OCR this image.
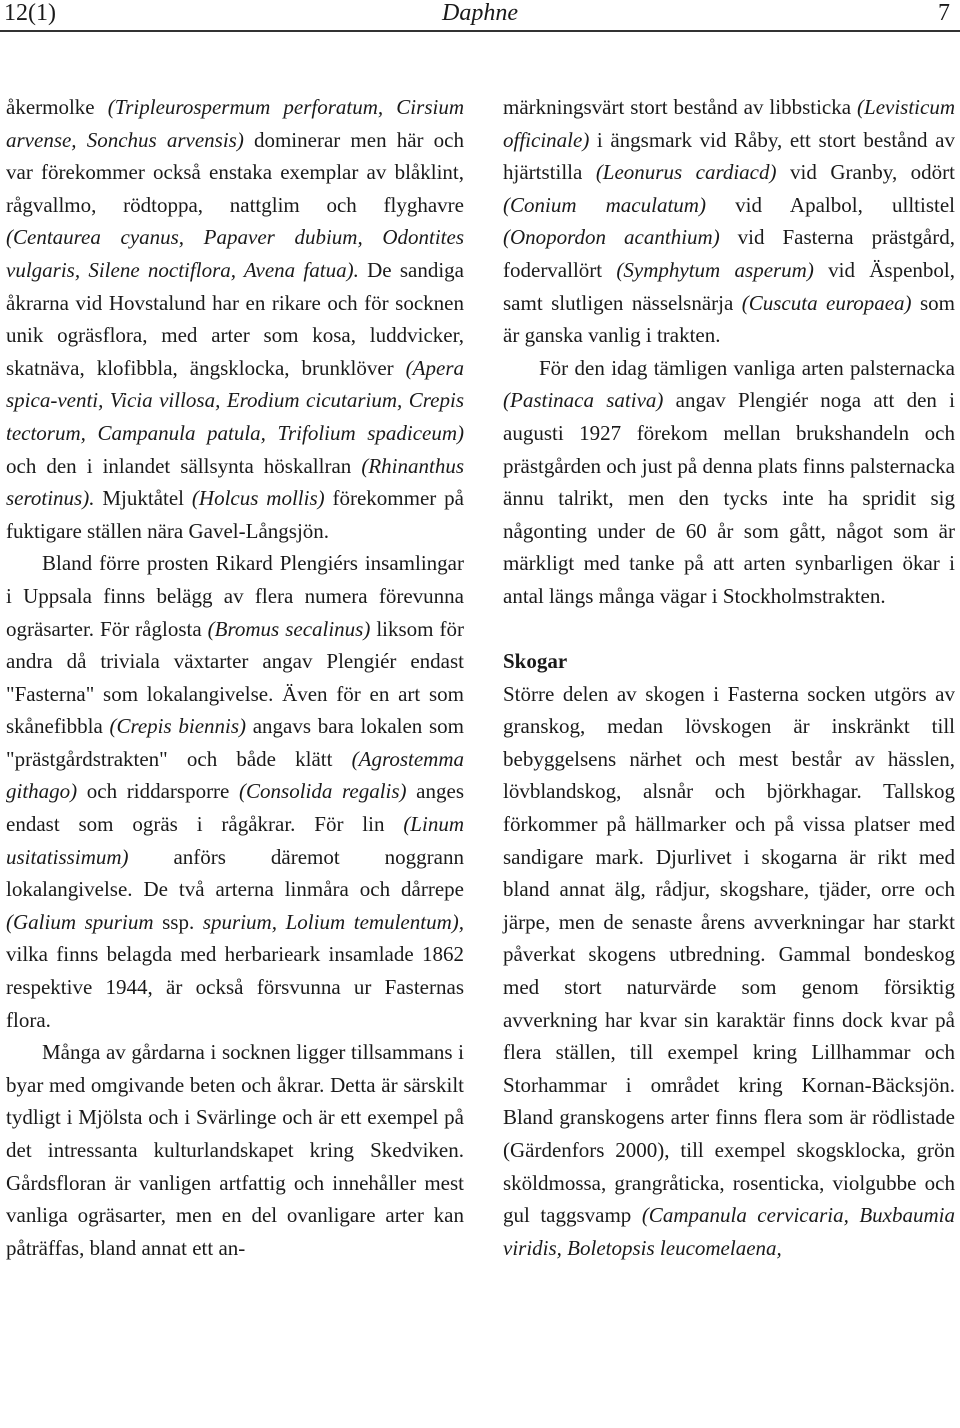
12(1)	Daphne	7

åkermolke (Tripleurospermum perforatum, Cirsium arvense, Sonchus arvensis) dominerar men här och var förekommer också enstaka exemplar av blåklint, rågvallmo, rödtoppa, nattglim och flyghavre (Centaurea cyanus, Papaver dubium, Odontites vulgaris, Silene noctiflora, Avena fatua). De sandiga åkrarna vid Hovstalund har en rikare och för socknen unik ogräsflora, med arter som kosa, luddvicker, skatnäva, klofibbla, ängsklocka, brunklöver (Apera spica-venti, Vicia villosa, Erodium cicutarium, Crepis tectorum, Campanula patula, Trifolium spadiceum) och den i inlandet sällsynta höskallran (Rhinanthus serotinus). Mjuktåtel (Holcus mollis) förekommer på fuktigare ställen nära Gavel-Långsjön.

Bland förre prosten Rikard Plengiérs insamlingar i Uppsala finns belägg av flera numera förevunna ogräsarter. För råglosta (Bromus secalinus) liksom för andra då triviala växtarter angav Plengiér endast "Fasterna" som lokalangivelse. Även för en art som skånefibbla (Crepis biennis) angavs bara lokalen som "prästgårdstrakten" och både klätt (Agrostemma githago) och riddarsporre (Consolida regalis) anges endast som ogräs i rågåkrar. För lin (Linum usitatissimum) anförs däremot noggrann lokalangivelse. De två arterna linmåra och dårrepe (Galium spurium ssp. spurium, Lolium temulentum), vilka finns belagda med herbarieark insamlade 1862 respektive 1944, är också försvunna ur Fasternas flora.

Många av gårdarna i socknen ligger tillsammans i byar med omgivande beten och åkrar. Detta är särskilt tydligt i Mjölsta och i Svärlinge och är ett exempel på det intressanta kulturlandskapet kring Skedviken. Gårdsfloran är vanligen artfattig och innehåller mest vanliga ogräsarter, men en del ovanligare arter kan påträffas, bland annat ett an-

märkningsvärt stort bestånd av libbsticka (Levisticum officinale) i ängsmark vid Råby, ett stort bestånd av hjärtstilla (Leonurus cardiacd) vid Granby, odört (Conium maculatum) vid Apalbol, ulltistel (Onopordon acanthium) vid Fasterna prästgård, fodervallört (Symphytum asperum) vid Äspenbol, samt slutligen nässelsnärja (Cuscuta europaea) som är ganska vanlig i trakten.

För den idag tämligen vanliga arten palsternacka (Pastinaca sativa) angav Plengiér noga att den i augusti 1927 förekom mellan brukshandeln och prästgården och just på denna plats finns palsternacka ännu talrikt, men den tycks inte ha spridit sig någonting under de 60 år som gått, något som är märkligt med tanke på att arten synbarligen ökar i antal längs många vägar i Stockholmstrakten.

Skogar

Större delen av skogen i Fasterna socken utgörs av granskog, medan lövskogen är inskränkt till bebyggelsens närhet och mest består av hässlen, lövblandskog, alsnår och björkhagar. Tallskog förkommer på hällmarker och på vissa platser med sandigare mark. Djurlivet i skogarna är rikt med bland annat älg, rådjur, skogshare, tjäder, orre och järpe, men de senaste årens avverkningar har starkt påverkat skogens utbredning. Gammal bondeskog med stort naturvärde som genom försiktig avverkning har kvar sin karaktär finns dock kvar på flera ställen, till exempel kring Lillhammar och Storhammar i området kring Kornan-Bäcksjön. Bland granskogens arter finns flera som är rödlistade (Gärdenfors 2000), till exempel skogsklocka, grön sköldmossa, grangråticka, rosenticka, violgubbe och gul taggsvamp (Campanula cervicaria, Buxbaumia viridis, Boletopsis leucomelaena,
